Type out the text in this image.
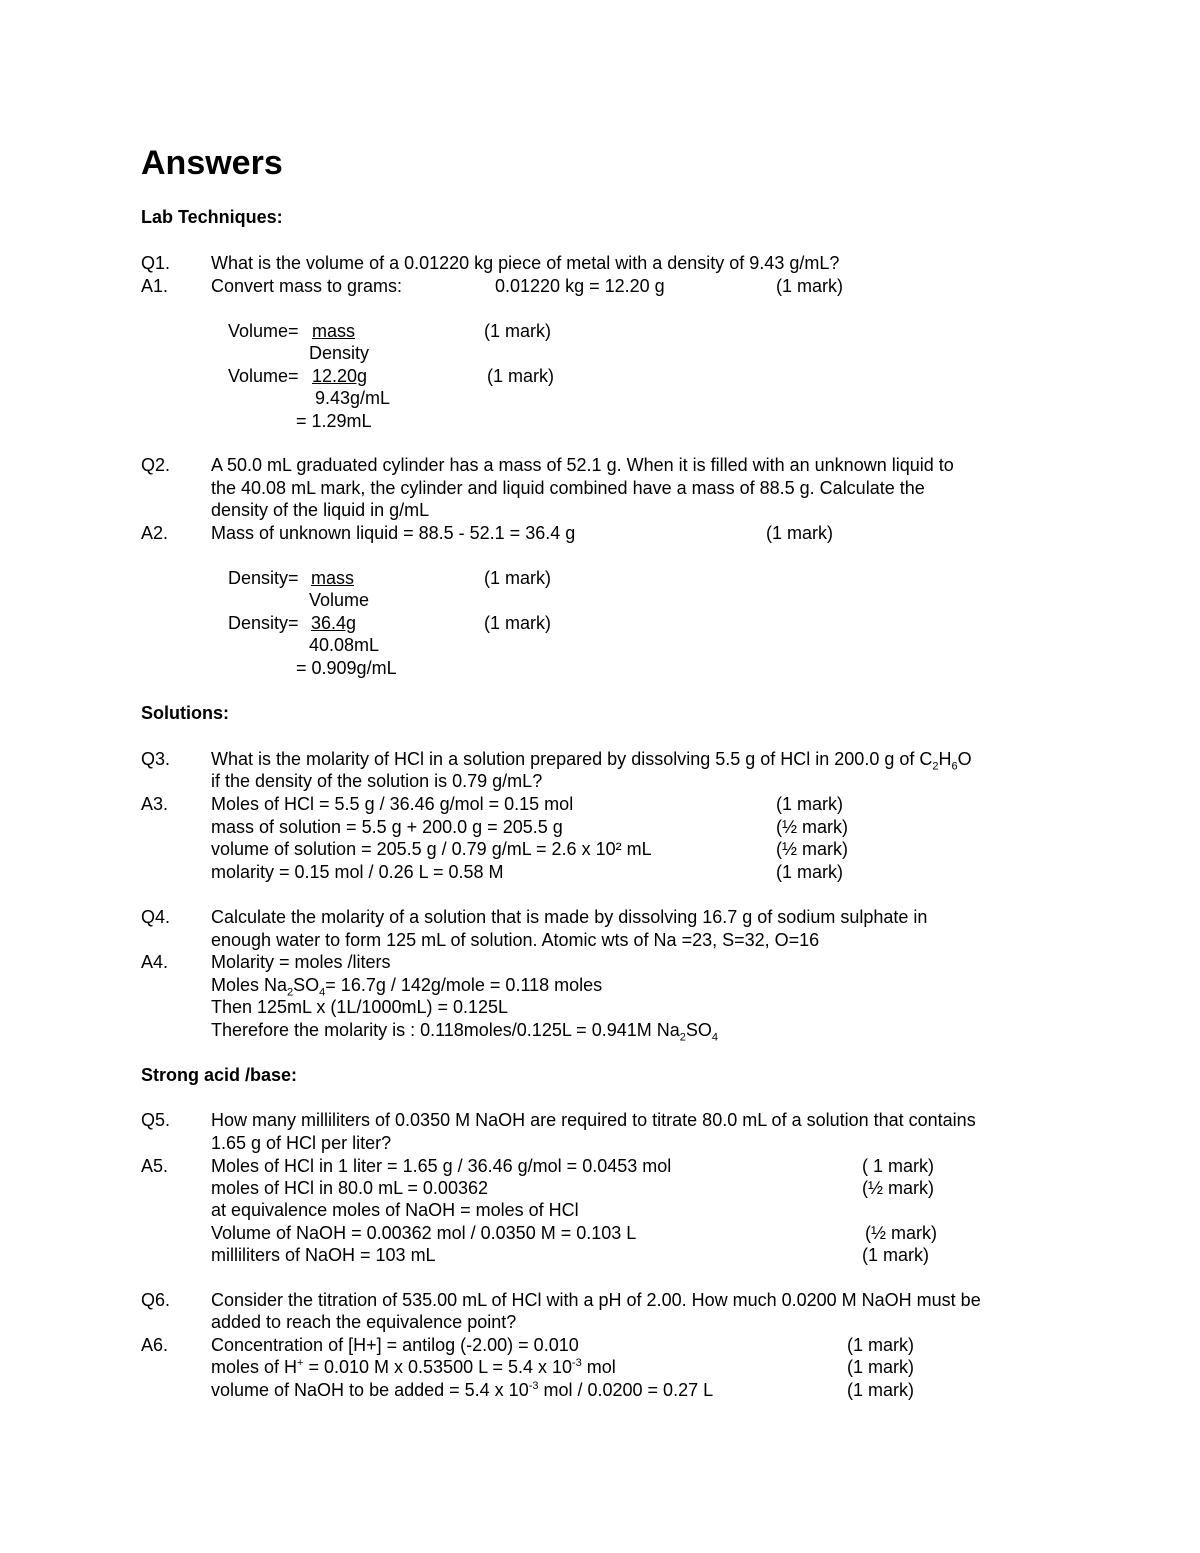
Answers
Lab Techniques:
Q1. What is the volume of a 0.01220 kg piece of metal with a density of 9.43 g/mL?
A1. Convert mass to grams:	0.01220 kg = 12.20 g	(1 mark)
Volume= mass	(1 mark)
Density
Volume= 12.20g	(1 mark)
9.43g/mL
= 1.29mL
Q2. A 50.0 mL graduated cylinder has a mass of 52.1 g. When it is filled with an unknown liquid to
the 40.08 mL mark, the cylinder and liquid combined have a mass of 88.5 g. Calculate the
density of the liquid in g/mL
A2. Mass of unknown liquid = 88.5 - 52.1 = 36.4 g	(1 mark)
Density= mass	(1 mark)
Volume
Density= 36.4g	(1 mark)
40.08mL
= 0.909g/mL
Solutions:
Q3. What is the molarity of HCl in a solution prepared by dissolving 5.5 g of HCl in 200.0 g of $C_2H_6O$
if the density of the solution is 0.79 g/mL?
A3. Moles of HCl = 5.5 g / 36.46 g/mol = 0.15 mol	(1 mark)
mass of solution = 5.5 g + 200.0 g = 205.5 g	(½ mark)
volume of solution = 205.5 g / 0.79 g/mL = 2.6 x 10² mL	(½ mark)
molarity = 0.15 mol / 0.26 L = 0.58 M	(1 mark)
Q4. Calculate the molarity of a solution that is made by dissolving 16.7 g of sodium sulphate in
enough water to form 125 mL of solution. Atomic wts of Na =23, S=32, O=16
A4. Molarity = moles /liters
Moles $Na_2SO_4= 16.7g$ / 142g/mole = 0.118 moles
Then 125mL x (1L/1000mL) = 0.125L
Therefore the molarity is : 0.118moles/0.125L = 0.941M $Na_2SO_4$
Strong acid /base:
Q5. How many milliliters of 0.0350 M NaOH are required to titrate 80.0 mL of a solution that contains
1.65 g of HCl per liter?
A5. Moles of HCl in 1 liter = 1.65 g / 36.46 g/mol = 0.0453 mol	( 1 mark)
moles of HCl in 80.0 mL = 0.00362	(½ mark)
at equivalence moles of NaOH = moles of HCl
Volume of NaOH = 0.00362 mol / 0.0350 M = 0.103 L	(½ mark)
milliliters of NaOH = 103 mL	(1 mark)
Q6. Consider the titration of 535.00 mL of HCl with a pH of 2.00. How much 0.0200 M NaOH must be
added to reach the equivalence point?
A6. Concentration of [H+] = antilog (-2.00) = 0.010	(1 mark)
moles of H+ = 0.010 M x 0.53500 L = 5.4 x $10^{-3}$ mol	(1 mark)
volume of NaOH to be added = 5.4 x $10^{-3}$ mol / 0.0200 = 0.27 L	(1 mark)
